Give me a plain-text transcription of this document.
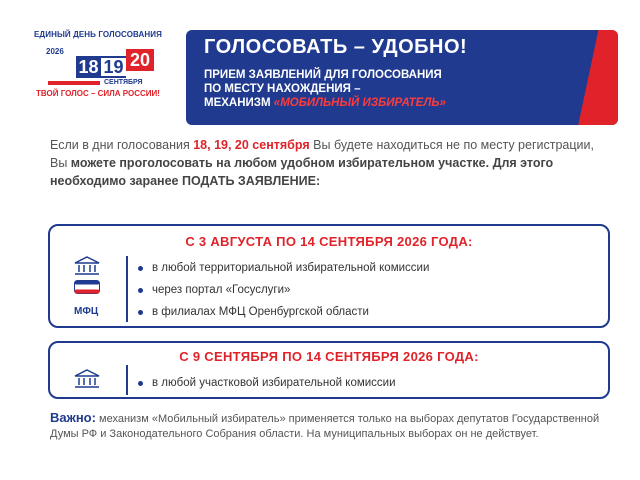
ЕДИНЫЙ ДЕНЬ ГОЛОСОВАНИЯ
2026
18 19 20
СЕНТЯБРЯ
ТВОЙ ГОЛОС – СИЛА РОССИИ!
ГОЛОСОВАТЬ – УДОБНО!
ПРИЕМ ЗАЯВЛЕНИЙ ДЛЯ ГОЛОСОВАНИЯ
ПО МЕСТУ НАХОЖДЕНИЯ –
МЕХАНИЗМ «МОБИЛЬНЫЙ ИЗБИРАТЕЛЬ»
Если в дни голосования 18, 19, 20 сентября Вы будете находиться не по месту регистрации, Вы можете проголосовать на любом удобном избирательном участке. Для этого необходимо заранее ПОДАТЬ ЗАЯВЛЕНИЕ:
С 3 АВГУСТА ПО 14 СЕНТЯБРЯ 2026 ГОДА:
МФЦ
в любой территориальной избирательной комиссии
через портал «Госуслуги»
в филиалах МФЦ Оренбургской области
С 9 СЕНТЯБРЯ ПО 14 СЕНТЯБРЯ 2026 ГОДА:
в любой участковой избирательной комиссии
Важно: механизм «Мобильный избиратель» применяется только на выборах депутатов Государственной Думы РФ и Законодательного Собрания области. На муниципальных выборах он не действует.
